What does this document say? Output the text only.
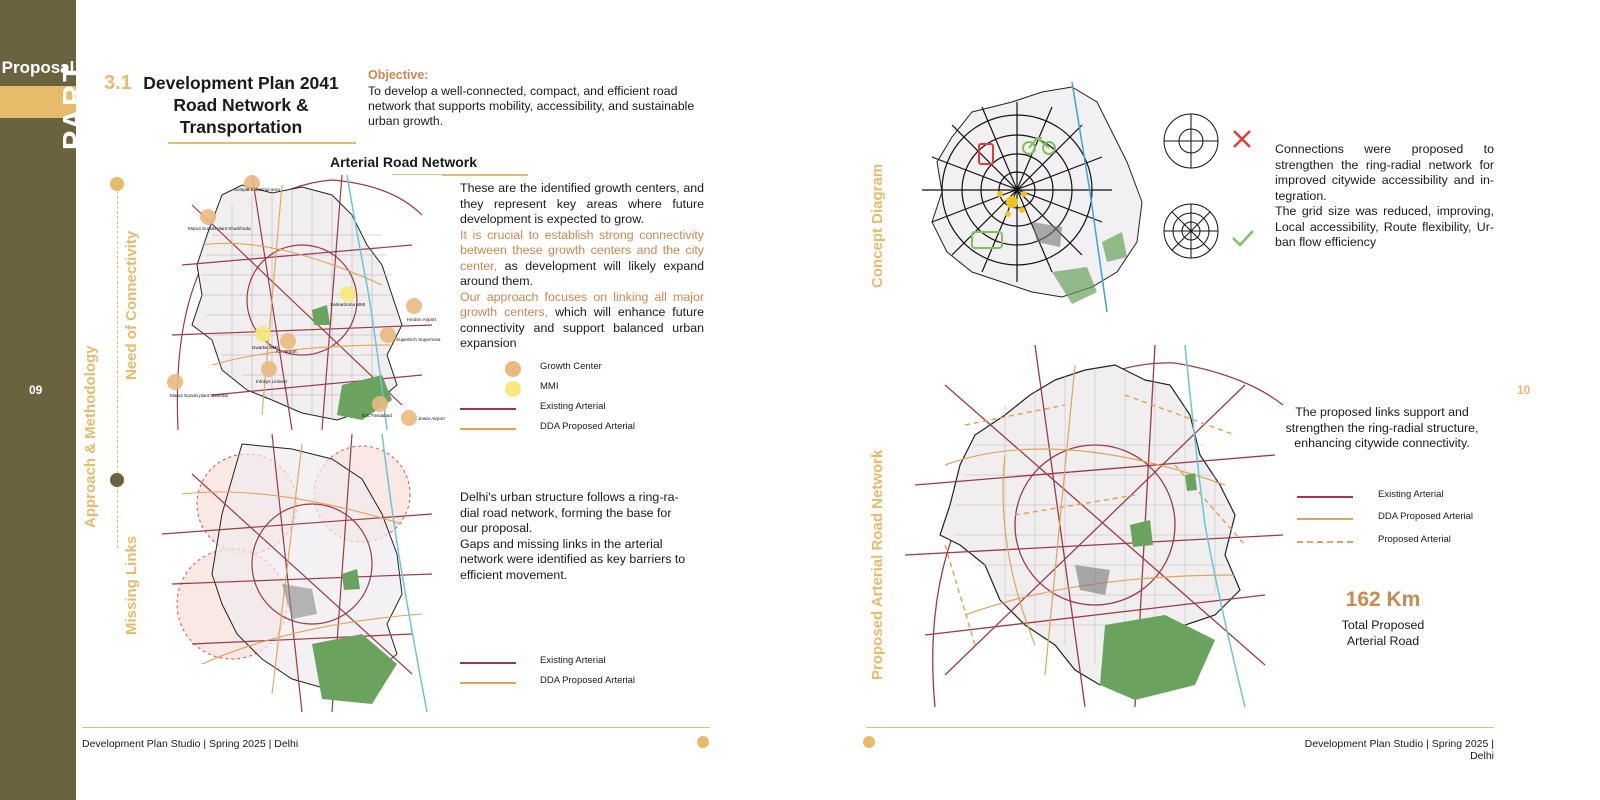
Proposal
PART
09	10
3.1 Development Plan 2041
Road Network &
Transportation
Objective:
To develop a well-connected, compact, and efficient road network that supports mobility, accessibility, and sustainable urban growth.
Arterial Road Network
Approach & Methodology
Need of Connectivity
Missing Links
Concept Diagram
Proposed Arterial Road Network
Sonipat Industrial area
Maruti Suzuki plant Kharkhoda
Sarkardoma MMI
Hindon Airport
Supertech Supernova
Dwarka MMI
IGI Airport
Infosys Limited
Maruti Suzuki plant Manesar
IDC Faridabad
Jewar Airport
These are the identified growth centers, and they represent key areas where future development is expected to grow.
It is crucial to establish strong connectivity between these growth centers and the city center, as development will likely expand around them.
Our approach focuses on linking all major growth centers, which will enhance future connectivity and support balanced urban expansion
Growth Center
MMI
Existing Arterial
DDA Proposed Arterial
Delhi's urban structure follows a ring-ra-dial road network, forming the base for our proposal.
Gaps and missing links in the arterial network were identified as key barriers to efficient movement.
Existing Arterial
DDA Proposed Arterial
Connections were proposed to strengthen the ring-radial network for improved citywide accessibility and in-tegration.
The grid size was reduced, improving, Local accessibility, Route flexibility, Ur-ban flow efficiency
The proposed links support and strengthen the ring-radial structure, enhancing citywide connectivity.
Existing Arterial
DDA Proposed Arterial
Proposed Arterial
162 Km
Total Proposed
Arterial Road
Development Plan Studio | Spring 2025 | Delhi	Development Plan Studio | Spring 2025 | Delhi
